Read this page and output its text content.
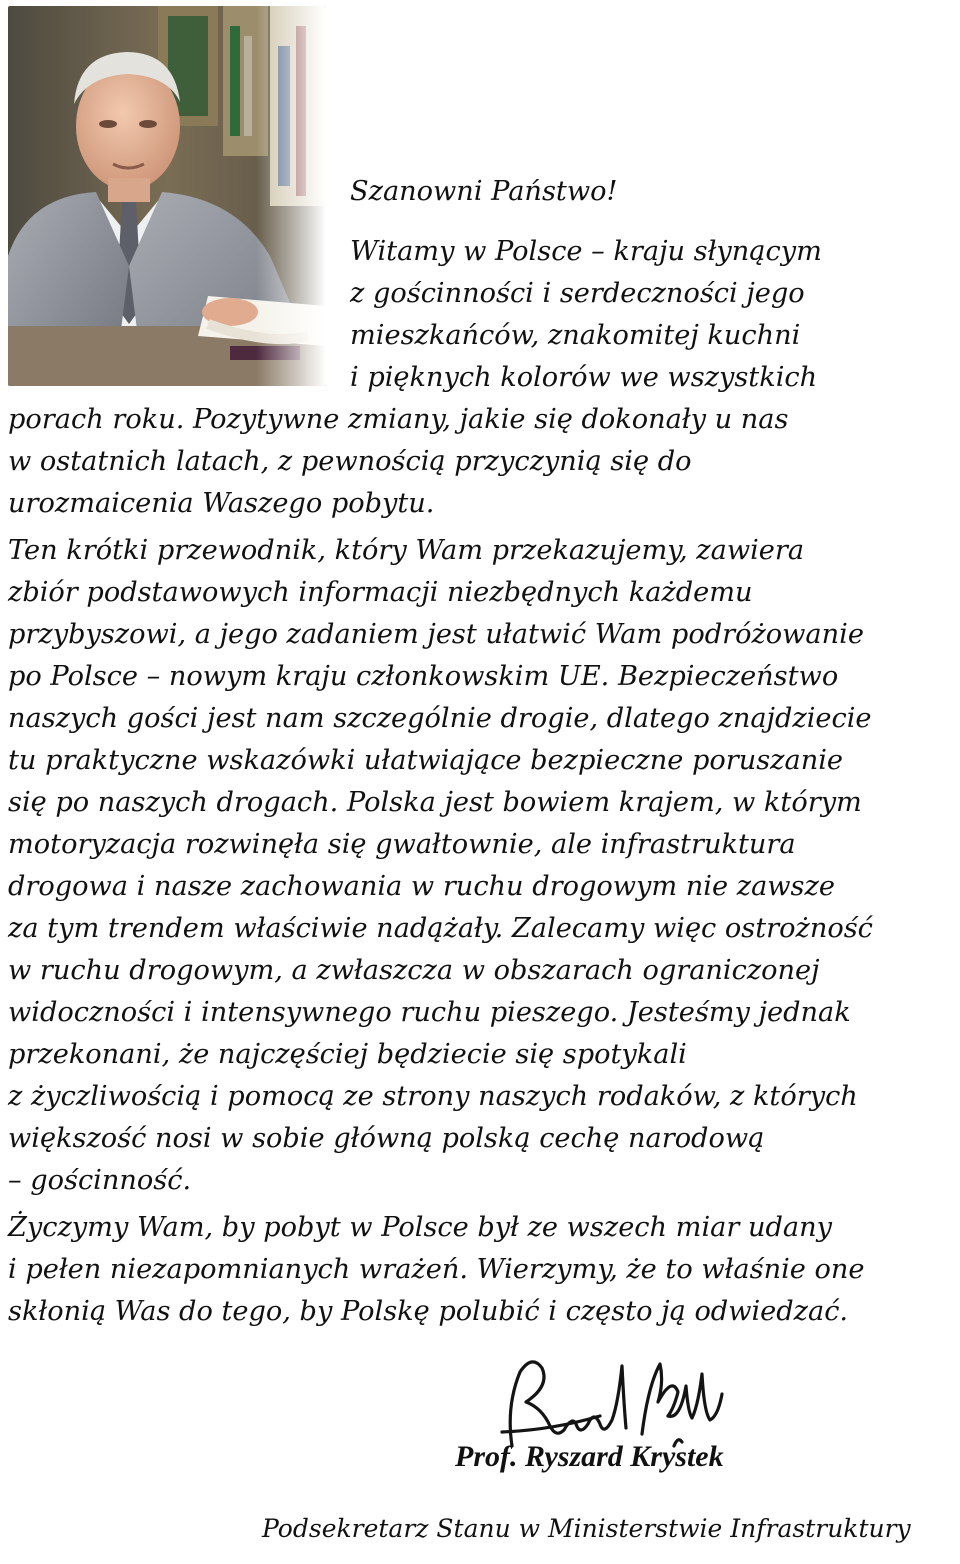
Szanowni Państwo!

Witamy w Polsce – kraju słynącym

z gościnności i serdeczności jego

mieszkańców, znakomitej kuchni

i pięknych kolorów we wszystkich

porach roku. Pozytywne zmiany, jakie się dokonały u nas

w ostatnich latach, z pewnością przyczynią się do

urozmaicenia Waszego pobytu.

Ten krótki przewodnik, który Wam przekazujemy, zawiera

zbiór podstawowych informacji niezbędnych każdemu

przybyszowi, a jego zadaniem jest ułatwić Wam podróżowanie

po Polsce – nowym kraju członkowskim UE. Bezpieczeństwo

naszych gości jest nam szczególnie drogie, dlatego znajdziecie

tu praktyczne wskazówki ułatwiające bezpieczne poruszanie

się po naszych drogach. Polska jest bowiem krajem, w którym

motoryzacja rozwinęła się gwałtownie, ale infrastruktura

drogowa i nasze zachowania w ruchu drogowym nie zawsze

za tym trendem właściwie nadążały. Zalecamy więc ostrożność

w ruchu drogowym, a zwłaszcza w obszarach ograniczonej

widoczności i intensywnego ruchu pieszego. Jesteśmy jednak

przekonani, że najczęściej będziecie się spotykali

z życzliwością i pomocą ze strony naszych rodaków, z których

większość nosi w sobie główną polską cechę narodową

– gościnność.

Życzymy Wam, by pobyt w Polsce był ze wszech miar udany

i pełen niezapomnianych wrażeń. Wierzymy, że to właśnie one

skłonią Was do tego, by Polskę polubić i często ją odwiedzać.

Prof. Ryszard Krystek

Podsekretarz Stanu w Ministerstwie Infrastruktury
